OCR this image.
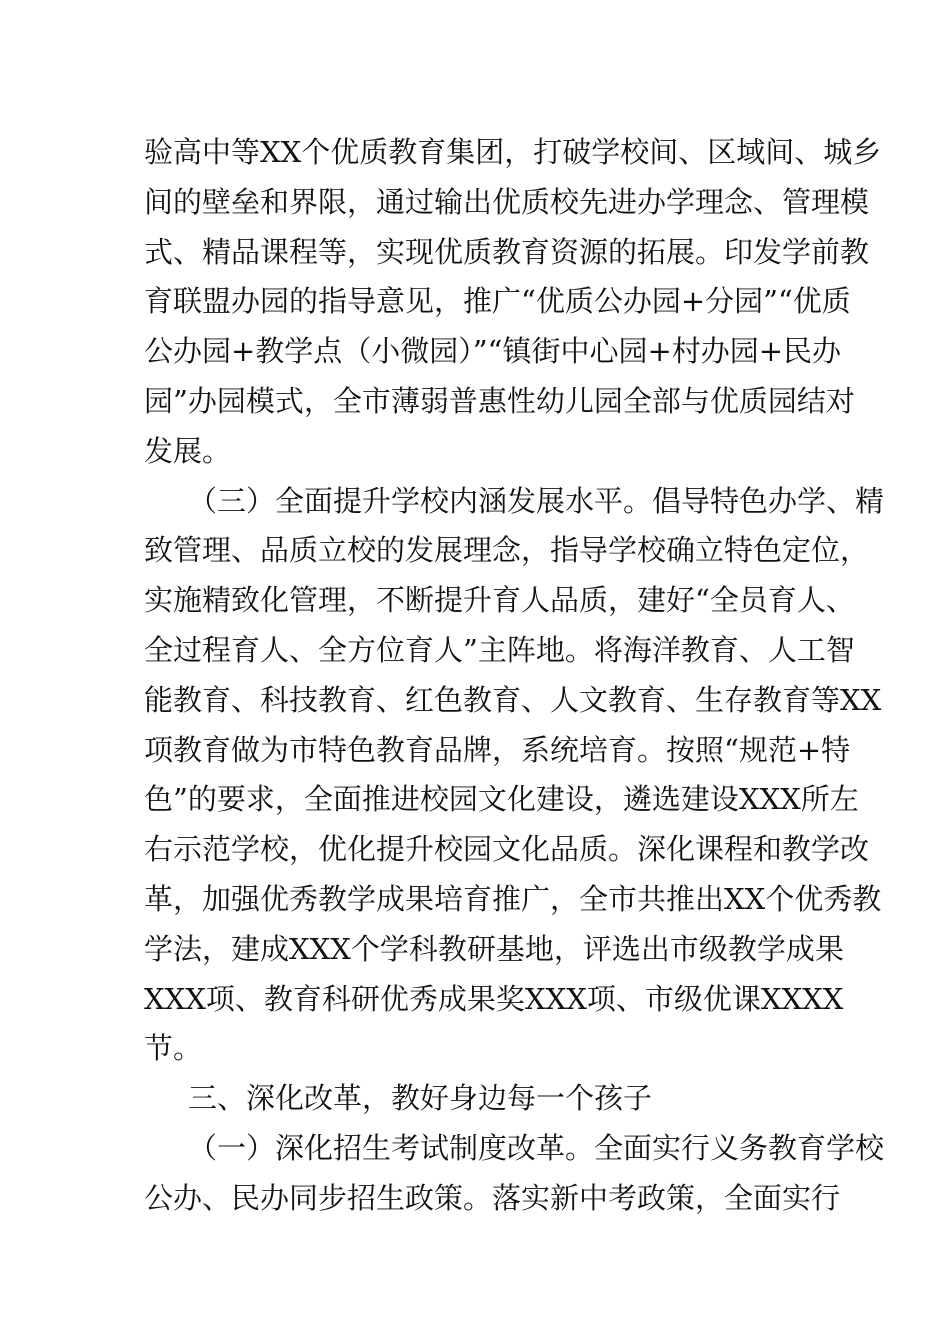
验高中等XX个优质教育集团，打破学校间、区域间、城乡
间的壁垒和界限，通过输出优质校先进办学理念、管理模
式、精品课程等，实现优质教育资源的拓展。印发学前教
育联盟办园的指导意见，推广“优质公办园+分园”“优质
公办园+教学点（小微园）”“镇街中心园+村办园+民办
园”办园模式，全市薄弱普惠性幼儿园全部与优质园结对
发展。
（三）全面提升学校内涵发展水平。倡导特色办学、精
致管理、品质立校的发展理念，指导学校确立特色定位，
实施精致化管理，不断提升育人品质，建好“全员育人、
全过程育人、全方位育人”主阵地。将海洋教育、人工智
能教育、科技教育、红色教育、人文教育、生存教育等XX
项教育做为市特色教育品牌，系统培育。按照“规范+特
色”的要求，全面推进校园文化建设，遴选建设XXX所左
右示范学校，优化提升校园文化品质。深化课程和教学改
革，加强优秀教学成果培育推广，全市共推出XX个优秀教
学法，建成XXX个学科教研基地，评选出市级教学成果
XXX项、教育科研优秀成果奖XXX项、市级优课XXXX
节。
三、深化改革，教好身边每一个孩子
（一）深化招生考试制度改革。全面实行义务教育学校
公办、民办同步招生政策。落实新中考政策，全面实行
